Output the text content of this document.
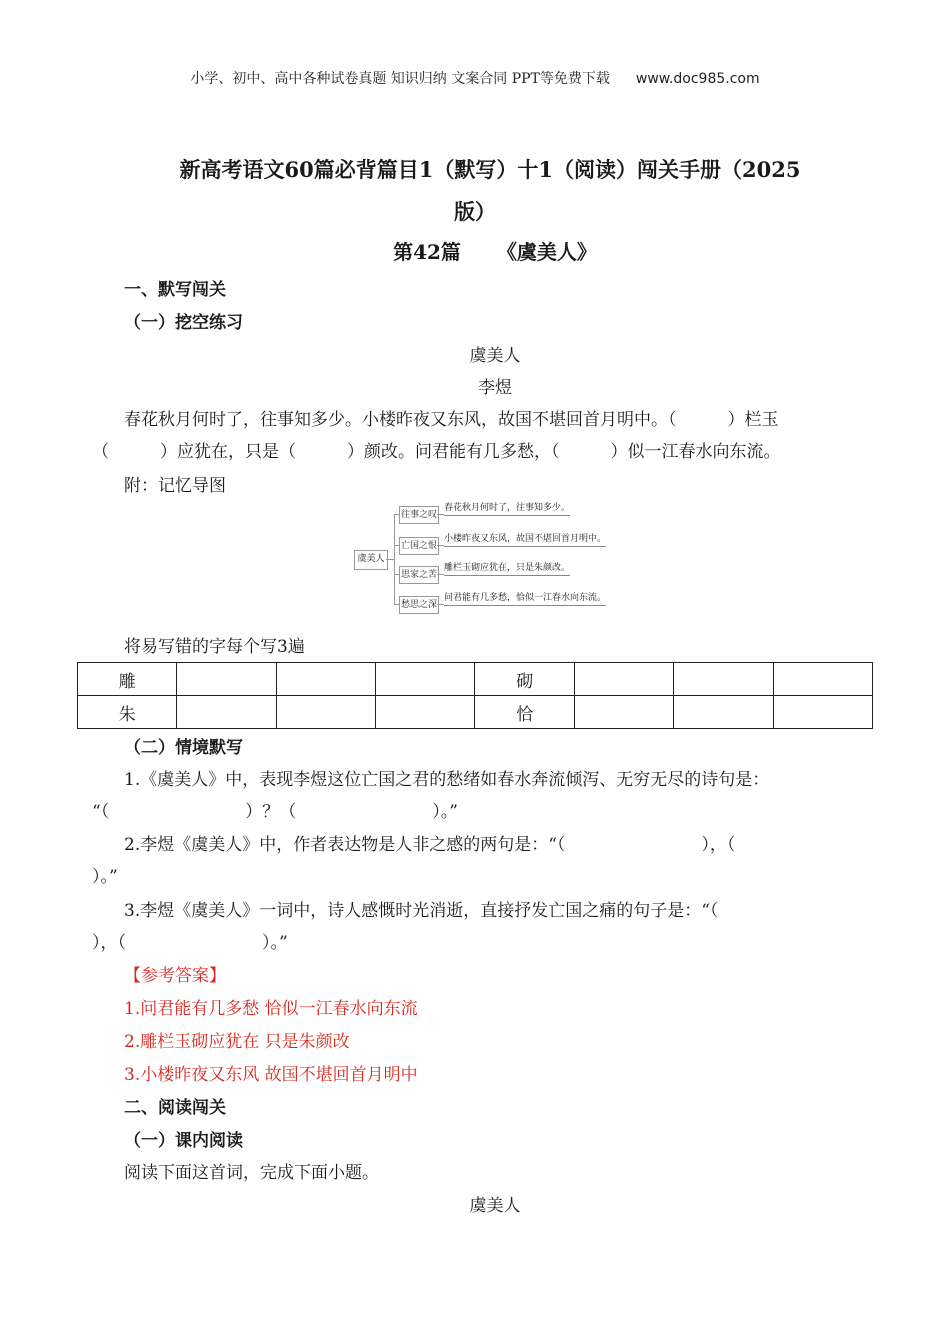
小学、初中、高中各种试卷真题 知识归纳 文案合同 PPT等免费下载 www.doc985.com
新高考语文60篇必背篇目1（默写）十1（阅读）闯关手册（2025
版）
第42篇 《虞美人》
一、默写闯关
（一）挖空练习
虞美人
李煜
春花秋月何时了，往事知多少。小楼昨夜又东风，故国不堪回首月明中。（　　　）栏玉
（　　　）应犹在，只是（　　　）颜改。问君能有几多愁，（　　　）似一江春水向东流。
附：记忆导图
虞美人
往事之叹
亡国之恨
思家之苦
愁思之深
春花秋月何时了，往事知多少。
小楼昨夜又东风，故国不堪回首月明中。
雕栏玉砌应犹在，只是朱颜改。
问君能有几多愁，恰似一江春水向东流。
将易写错的字每个写3遍
雕				砌			
朱				恰			
（二）情境默写
1.《虞美人》中，表现李煜这位亡国之君的愁绪如春水奔流倾泻、无穷无尽的诗句是：
“（　　　　　　　　）？（　　　　　　　　）。”
2.李煜《虞美人》中，作者表达物是人非之感的两句是：“（　　　　　　　　），（
）。”
3.李煜《虞美人》一词中，诗人感慨时光消逝，直接抒发亡国之痛的句子是：“（
），（　　　　　　　　）。”
【参考答案】
1.问君能有几多愁 恰似一江春水向东流
2.雕栏玉砌应犹在 只是朱颜改
3.小楼昨夜又东风 故国不堪回首月明中
二、阅读闯关
（一）课内阅读
阅读下面这首词，完成下面小题。
虞美人
